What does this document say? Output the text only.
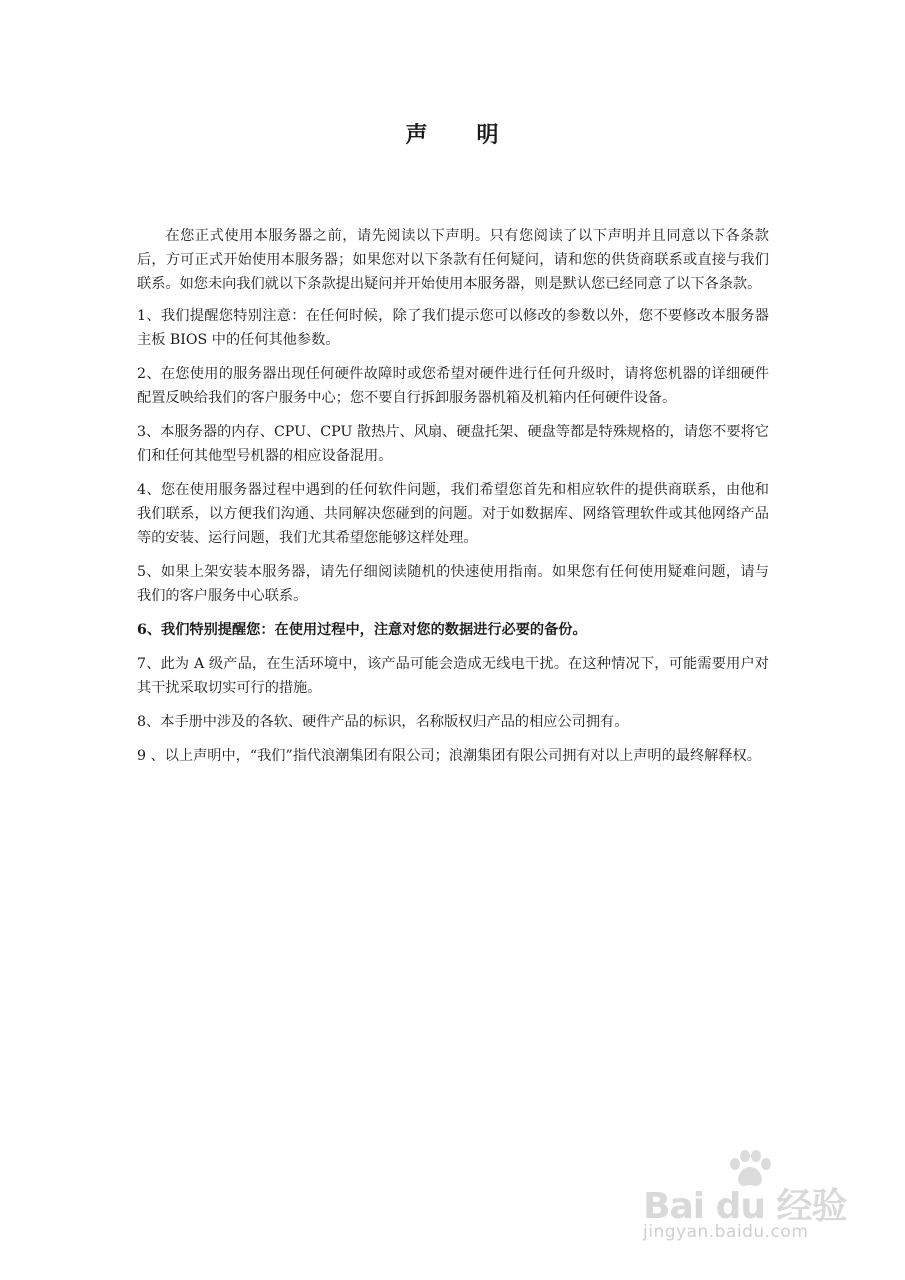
声 明

在您正式使用本服务器之前，请先阅读以下声明。只有您阅读了以下声明并且同意以下各条款后，方可正式开始使用本服务器；如果您对以下条款有任何疑问，请和您的供货商联系或直接与我们联系。如您未向我们就以下条款提出疑问并开始使用本服务器，则是默认您已经同意了以下各条款。

1、我们提醒您特别注意：在任何时候，除了我们提示您可以修改的参数以外，您不要修改本服务器主板 BIOS 中的任何其他参数。

2、在您使用的服务器出现任何硬件故障时或您希望对硬件进行任何升级时，请将您机器的详细硬件配置反映给我们的客户服务中心；您不要自行拆卸服务器机箱及机箱内任何硬件设备。

3、本服务器的内存、CPU、CPU 散热片、风扇、硬盘托架、硬盘等都是特殊规格的，请您不要将它们和任何其他型号机器的相应设备混用。

4、您在使用服务器过程中遇到的任何软件问题，我们希望您首先和相应软件的提供商联系，由他和我们联系，以方便我们沟通、共同解决您碰到的问题。对于如数据库、网络管理软件或其他网络产品等的安装、运行问题，我们尤其希望您能够这样处理。

5、如果上架安装本服务器，请先仔细阅读随机的快速使用指南。如果您有任何使用疑难问题，请与我们的客户服务中心联系。

6、我们特别提醒您：在使用过程中，注意对您的数据进行必要的备份。

7、此为 A 级产品，在生活环境中，该产品可能会造成无线电干扰。在这种情况下，可能需要用户对其干扰采取切实可行的措施。

8、本手册中涉及的各软、硬件产品的标识，名称版权归产品的相应公司拥有。

9 、以上声明中，“我们”指代浪潮集团有限公司；浪潮集团有限公司拥有对以上声明的最终解释权。

Bai du 经验
jingyan.baidu.com
